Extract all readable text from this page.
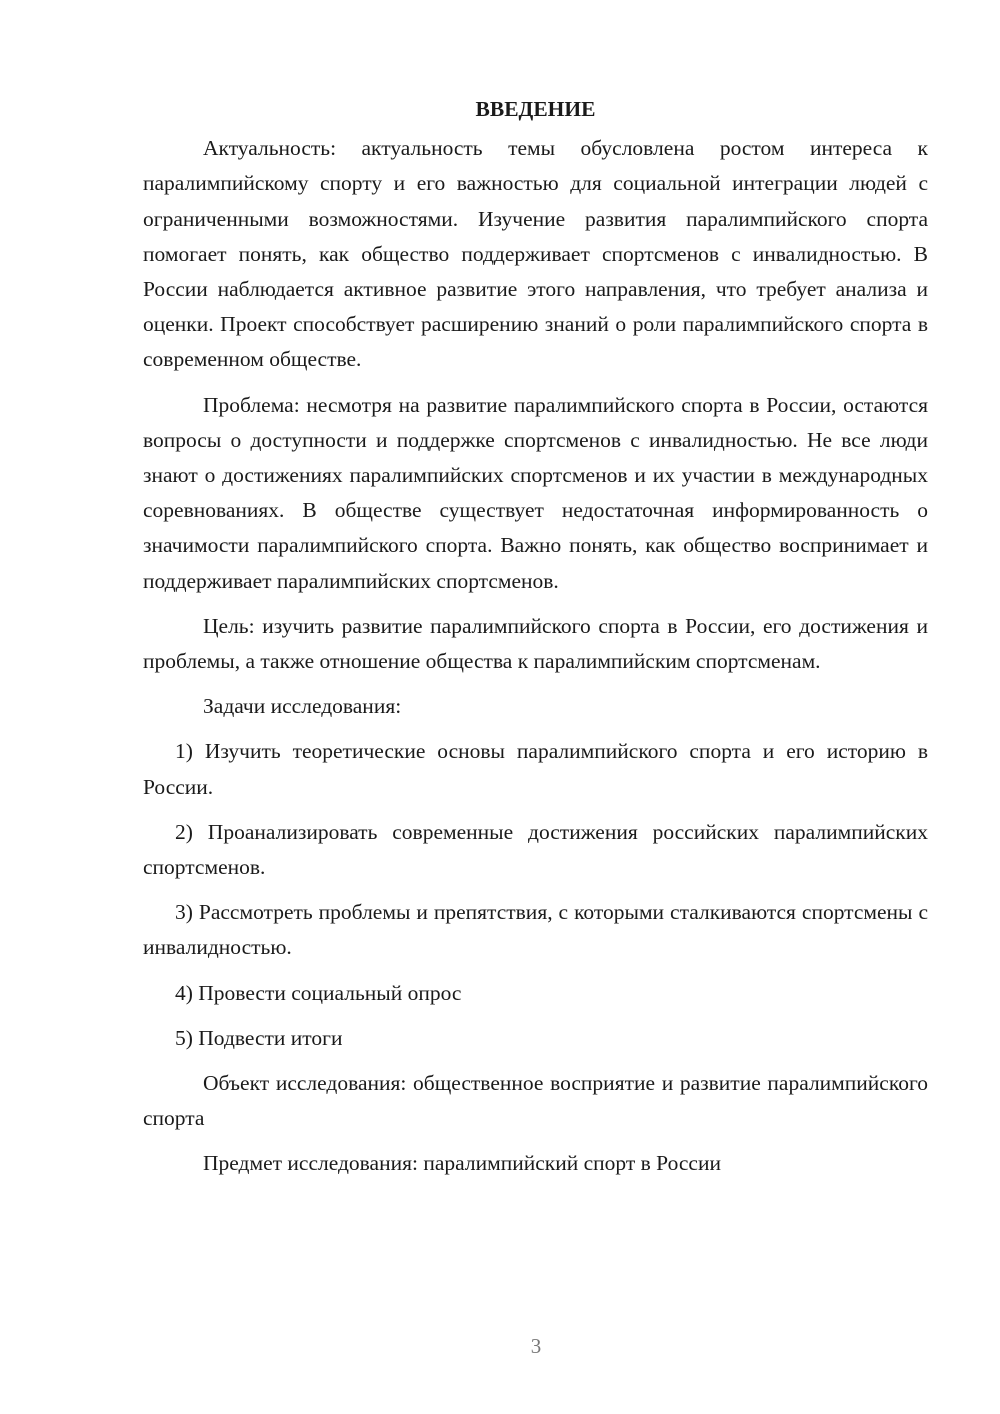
ВВЕДЕНИЕ

Актуальность: актуальность темы обусловлена ростом интереса к паралимпийскому спорту и его важностью для социальной интеграции людей с ограниченными возможностями. Изучение развития паралимпийского спорта помогает понять, как общество поддерживает спортсменов с инвалидностью. В России наблюдается активное развитие этого направления, что требует анализа и оценки. Проект способствует расширению знаний о роли паралимпийского спорта в современном обществе.

Проблема: несмотря на развитие паралимпийского спорта в России, остаются вопросы о доступности и поддержке спортсменов с инвалидностью. Не все люди знают о достижениях паралимпийских спортсменов и их участии в международных соревнованиях. В обществе существует недостаточная информированность о значимости паралимпийского спорта. Важно понять, как общество воспринимает и поддерживает паралимпийских спортсменов.

Цель: изучить развитие паралимпийского спорта в России, его достижения и проблемы, а также отношение общества к паралимпийским спортсменам.

Задачи исследования:

1) Изучить теоретические основы паралимпийского спорта и его историю в России.

2) Проанализировать современные достижения российских паралимпийских спортсменов.

3) Рассмотреть проблемы и препятствия, с которыми сталкиваются спортсмены с инвалидностью.

4) Провести социальный опрос

5) Подвести итоги

Объект исследования: общественное восприятие и развитие паралимпийского спорта

Предмет исследования: паралимпийский спорт в России

3
